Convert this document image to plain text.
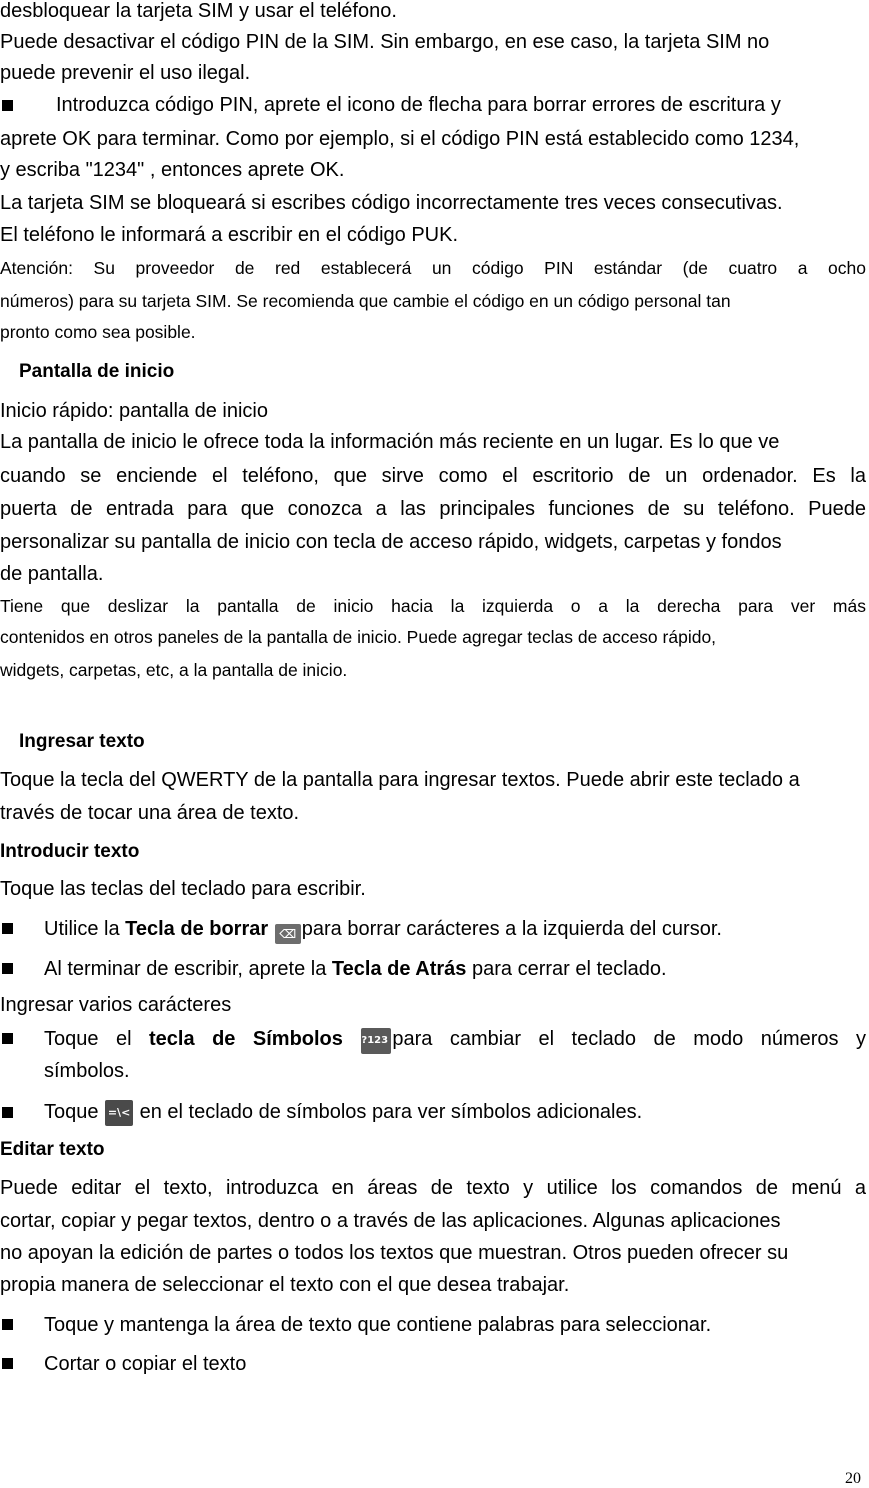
desbloquear la tarjeta SIM y usar el teléfono.
Puede desactivar el código PIN de la SIM. Sin embargo, en ese caso, la tarjeta SIM no
puede prevenir el uso ilegal.
Introduzca código PIN, aprete el icono de flecha para borrar errores de escritura y
aprete OK para terminar. Como por ejemplo, si el código PIN está establecido como 1234,
y escriba "1234" , entonces aprete OK.
La tarjeta SIM se bloqueará si escribes código incorrectamente tres veces consecutivas.
El teléfono le informará a escribir en el código PUK.
Atención: Su proveedor de red establecerá un código PIN estándar (de cuatro a ocho
números) para su tarjeta SIM. Se recomienda que cambie el código en un código personal tan
pronto como sea posible.
Pantalla de inicio
Inicio rápido: pantalla de inicio
La pantalla de inicio le ofrece toda la información más reciente en un lugar. Es lo que ve
cuando se enciende el teléfono, que sirve como el escritorio de un ordenador. Es la
puerta de entrada para que conozca a las principales funciones de su teléfono. Puede
personalizar su pantalla de inicio con tecla de acceso rápido, widgets, carpetas y fondos
de pantalla.
Tiene que deslizar la pantalla de inicio hacia la izquierda o a la derecha para ver más
contenidos en otros paneles de la pantalla de inicio. Puede agregar teclas de acceso rápido,
widgets, carpetas, etc, a la pantalla de inicio.
Ingresar texto
Toque la tecla del QWERTY de la pantalla para ingresar textos. Puede abrir este teclado a
través de tocar una área de texto.
Introducir texto
Toque las teclas del teclado para escribir.
Utilice la Tecla de borrar ⌫ para borrar carácteres a la izquierda del cursor.
Al terminar de escribir, aprete la Tecla de Atrás para cerrar el teclado.
Ingresar varios carácteres
Toque el tecla de Símbolos ?123 para cambiar el teclado de modo números y
símbolos.
Toque =\< en el teclado de símbolos para ver símbolos adicionales.
Editar texto
Puede editar el texto, introduzca en áreas de texto y utilice los comandos de menú a
cortar, copiar y pegar textos, dentro o a través de las aplicaciones. Algunas aplicaciones
no apoyan la edición de partes o todos los textos que muestran. Otros pueden ofrecer su
propia manera de seleccionar el texto con el que desea trabajar.
Toque y mantenga la área de texto que contiene palabras para seleccionar.
Cortar o copiar el texto
20
